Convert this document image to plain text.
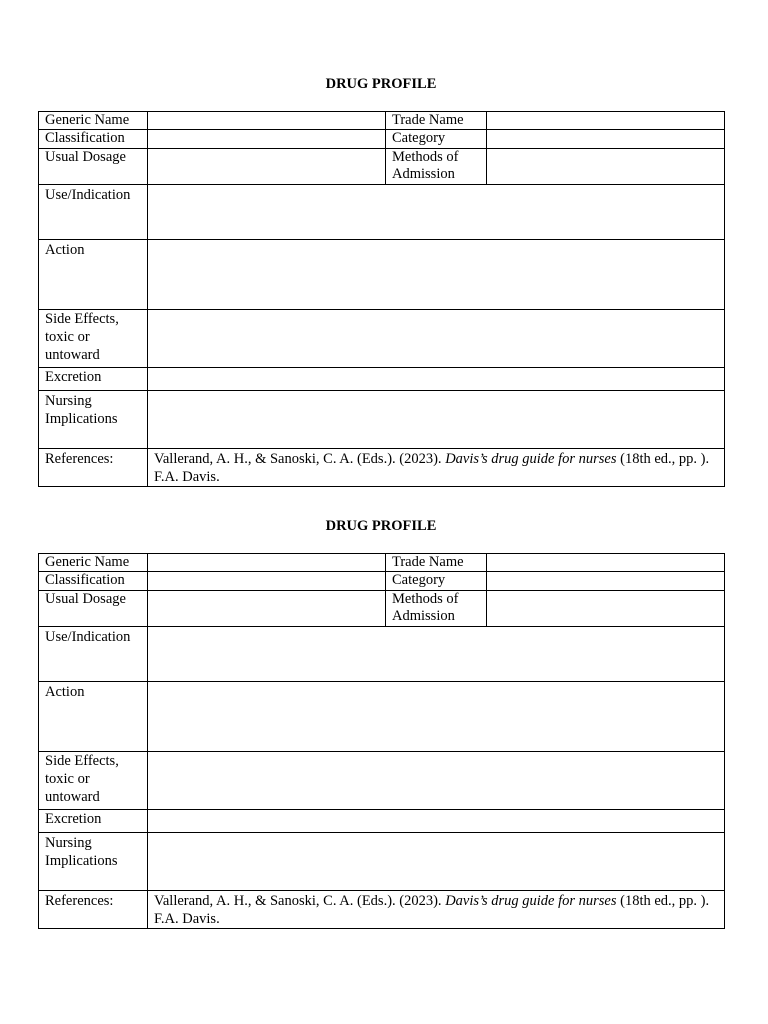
DRUG PROFILE
Generic Name		Trade Name	
Classification		Category	
Usual Dosage		Methods of Admission	
Use/Indication			
Action			
Side Effects, toxic or untoward			
Excretion			
Nursing Implications			
References:	Vallerand, A. H., & Sanoski, C. A. (Eds.). (2023). Davis’s drug guide for nurses (18th ed., pp. ). F.A. Davis.		
DRUG PROFILE
Generic Name		Trade Name	
Classification		Category	
Usual Dosage		Methods of Admission	
Use/Indication			
Action			
Side Effects, toxic or untoward			
Excretion			
Nursing Implications			
References:	Vallerand, A. H., & Sanoski, C. A. (Eds.). (2023). Davis’s drug guide for nurses (18th ed., pp. ). F.A. Davis.		
